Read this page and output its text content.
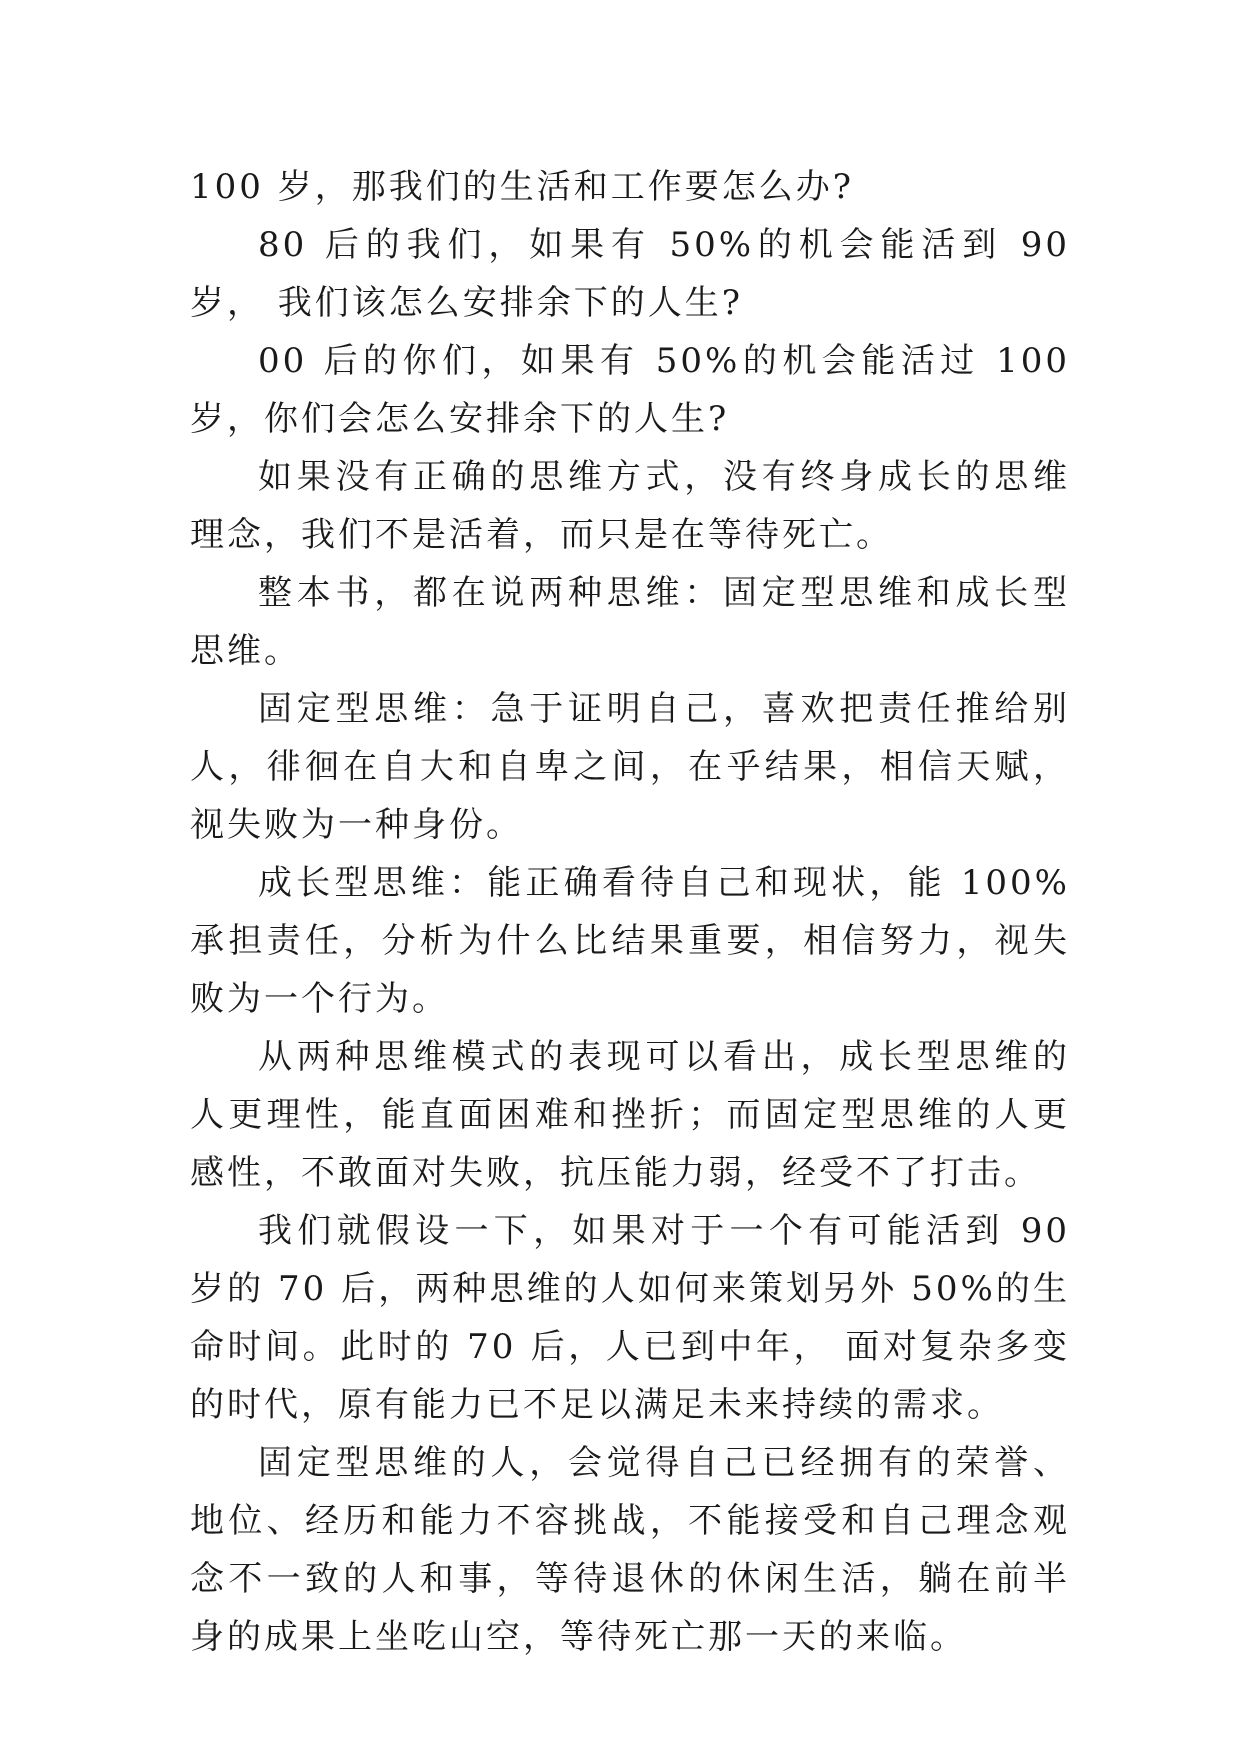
100 岁，那我们的生活和工作要怎么办?

80 后的我们，如果有 50%的机会能活到 90 岁， 我们该怎么安排余下的人生?

00 后的你们，如果有 50%的机会能活过 100 岁，你们会怎么安排余下的人生?

如果没有正确的思维方式，没有终身成长的思维理念，我们不是活着，而只是在等待死亡。

整本书，都在说两种思维：固定型思维和成长型思维。

固定型思维：急于证明自己，喜欢把责任推给别人，徘徊在自大和自卑之间，在乎结果，相信天赋，视失败为一种身份。

成长型思维：能正确看待自己和现状，能 100%承担责任，分析为什么比结果重要，相信努力，视失败为一个行为。

从两种思维模式的表现可以看出，成长型思维的人更理性，能直面困难和挫折；而固定型思维的人更感性，不敢面对失败，抗压能力弱，经受不了打击。

我们就假设一下，如果对于一个有可能活到 90 岁的 70 后，两种思维的人如何来策划另外 50%的生命时间。此时的 70 后，人已到中年， 面对复杂多变的时代，原有能力已不足以满足未来持续的需求。

固定型思维的人，会觉得自己已经拥有的荣誉、地位、经历和能力不容挑战，不能接受和自己理念观念不一致的人和事，等待退休的休闲生活，躺在前半身的成果上坐吃山空，等待死亡那一天的来临。
